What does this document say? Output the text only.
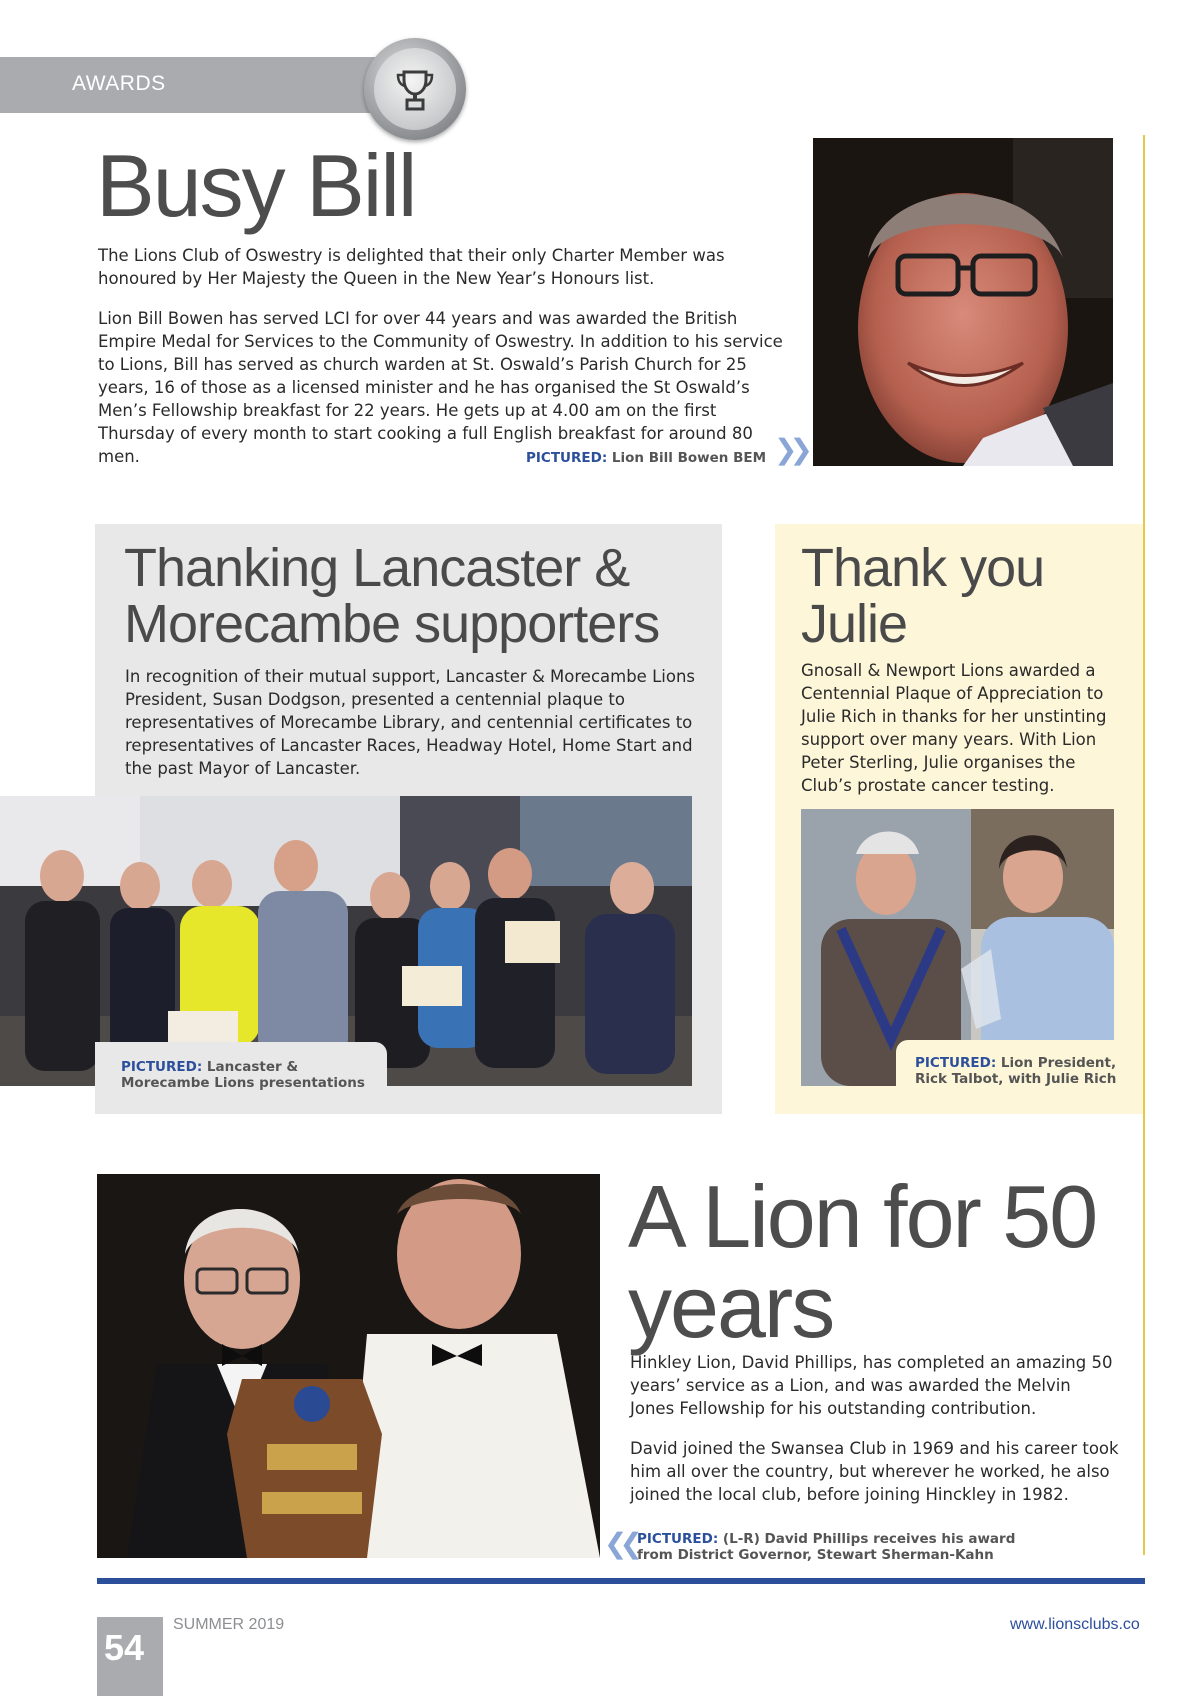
AWARDS
Busy Bill

The Lions Club of Oswestry is delighted that their only Charter Member was honoured by Her Majesty the Queen in the New Year’s Honours list.

Lion Bill Bowen has served LCI for over 44 years and was awarded the British Empire Medal for Services to the Community of Oswestry. In addition to his service to Lions, Bill has served as church warden at St. Oswald’s Parish Church for 25 years, 16 of those as a licensed minister and he has organised the St Oswald’s Men’s Fellowship breakfast for 22 years. He gets up at 4.00 am on the first Thursday of every month to start cooking a full English breakfast for around 80 men.	PICTURED: Lion Bill Bowen BEM ❯❯
Thanking Lancaster & Morecambe supporters

In recognition of their mutual support, Lancaster & Morecambe Lions President, Susan Dodgson, presented a centennial plaque to representatives of Morecambe Library, and centennial certificates to representatives of Lancaster Races, Headway Hotel, Home Start and the past Mayor of Lancaster.

PICTURED: Lancaster & Morecambe Lions presentations
Thank you Julie

Gnosall & Newport Lions awarded a Centennial Plaque of Appreciation to Julie Rich in thanks for her unstinting support over many years. With Lion Peter Sterling, Julie organises the Club’s prostate cancer testing.

PICTURED: Lion President, Rick Talbot, with Julie Rich
A Lion for 50 years

Hinkley Lion, David Phillips, has completed an amazing 50 years’ service as a Lion, and was awarded the Melvin Jones Fellowship for his outstanding contribution.

David joined the Swansea Club in 1969 and his career took him all over the country, but wherever he worked, he also joined the local club, before joining Hinckley in 1982.

❮❮ PICTURED: (L-R) David Phillips receives his award from District Governor, Stewart Sherman-Kahn
54
SUMMER 2019	www.lionsclubs.co
